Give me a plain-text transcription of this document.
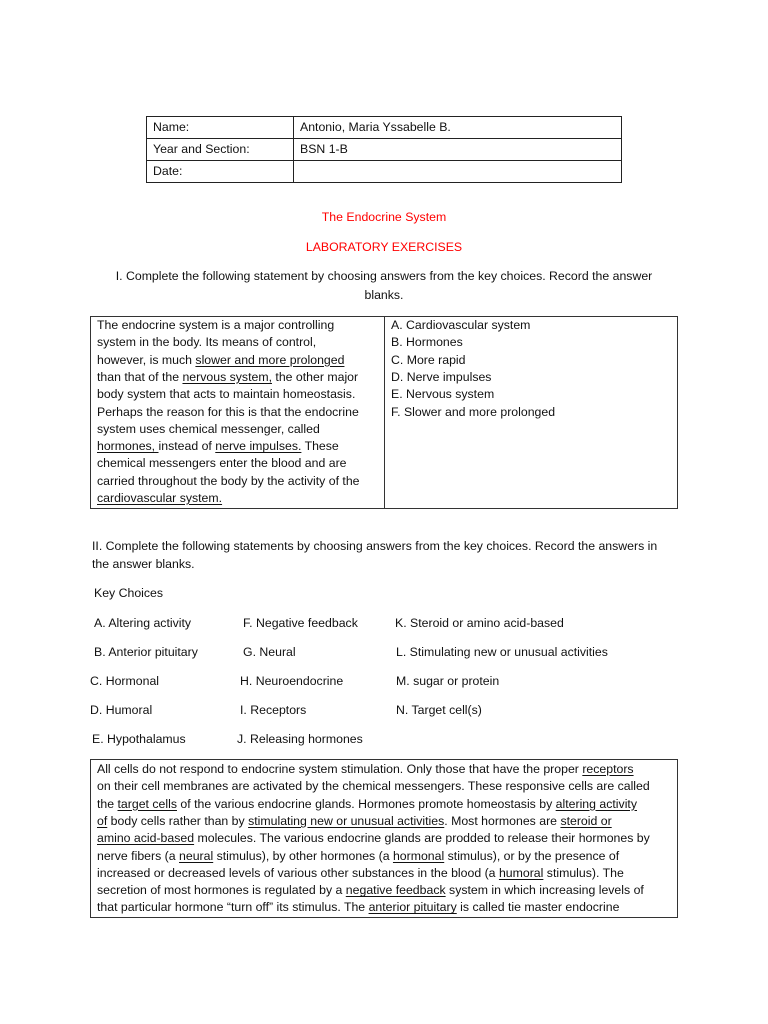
Name:	Antonio, Maria Yssabelle B.
Year and Section:	BSN 1-B
Date:	
The Endocrine System
LABORATORY EXERCISES
I. Complete the following statement by choosing answers from the key choices. Record the answer
blanks.
The endocrine system is a major controlling
system in the body. Its means of control,
however, is much slower and more prolonged
than that of the nervous system, the other major
body system that acts to maintain homeostasis.
Perhaps the reason for this is that the endocrine
system uses chemical messenger, called
hormones, instead of nerve impulses. These
chemical messengers enter the blood and are
carried throughout the body by the activity of the
cardiovascular system.
A. Cardiovascular system
B. Hormones
C. More rapid
D. Nerve impulses
E. Nervous system
F. Slower and more prolonged
II. Complete the following statements by choosing answers from the key choices. Record the answers in
the answer blanks.
Key Choices
A. Altering activity	F. Negative feedback	K. Steroid or amino acid-based
B. Anterior pituitary	G. Neural	L. Stimulating new or unusual activities
C. Hormonal	H. Neuroendocrine	M. sugar or protein
D. Humoral	I. Receptors	N. Target cell(s)
E. Hypothalamus	J. Releasing hormones
All cells do not respond to endocrine system stimulation. Only those that have the proper receptors
on their cell membranes are activated by the chemical messengers. These responsive cells are called
the target cells of the various endocrine glands. Hormones promote homeostasis by altering activity
of body cells rather than by stimulating new or unusual activities. Most hormones are steroid or
amino acid-based molecules. The various endocrine glands are prodded to release their hormones by
nerve fibers (a neural stimulus), by other hormones (a hormonal stimulus), or by the presence of
increased or decreased levels of various other substances in the blood (a humoral stimulus). The
secretion of most hormones is regulated by a negative feedback system in which increasing levels of
that particular hormone “turn off” its stimulus. The anterior pituitary is called tie master endocrine
